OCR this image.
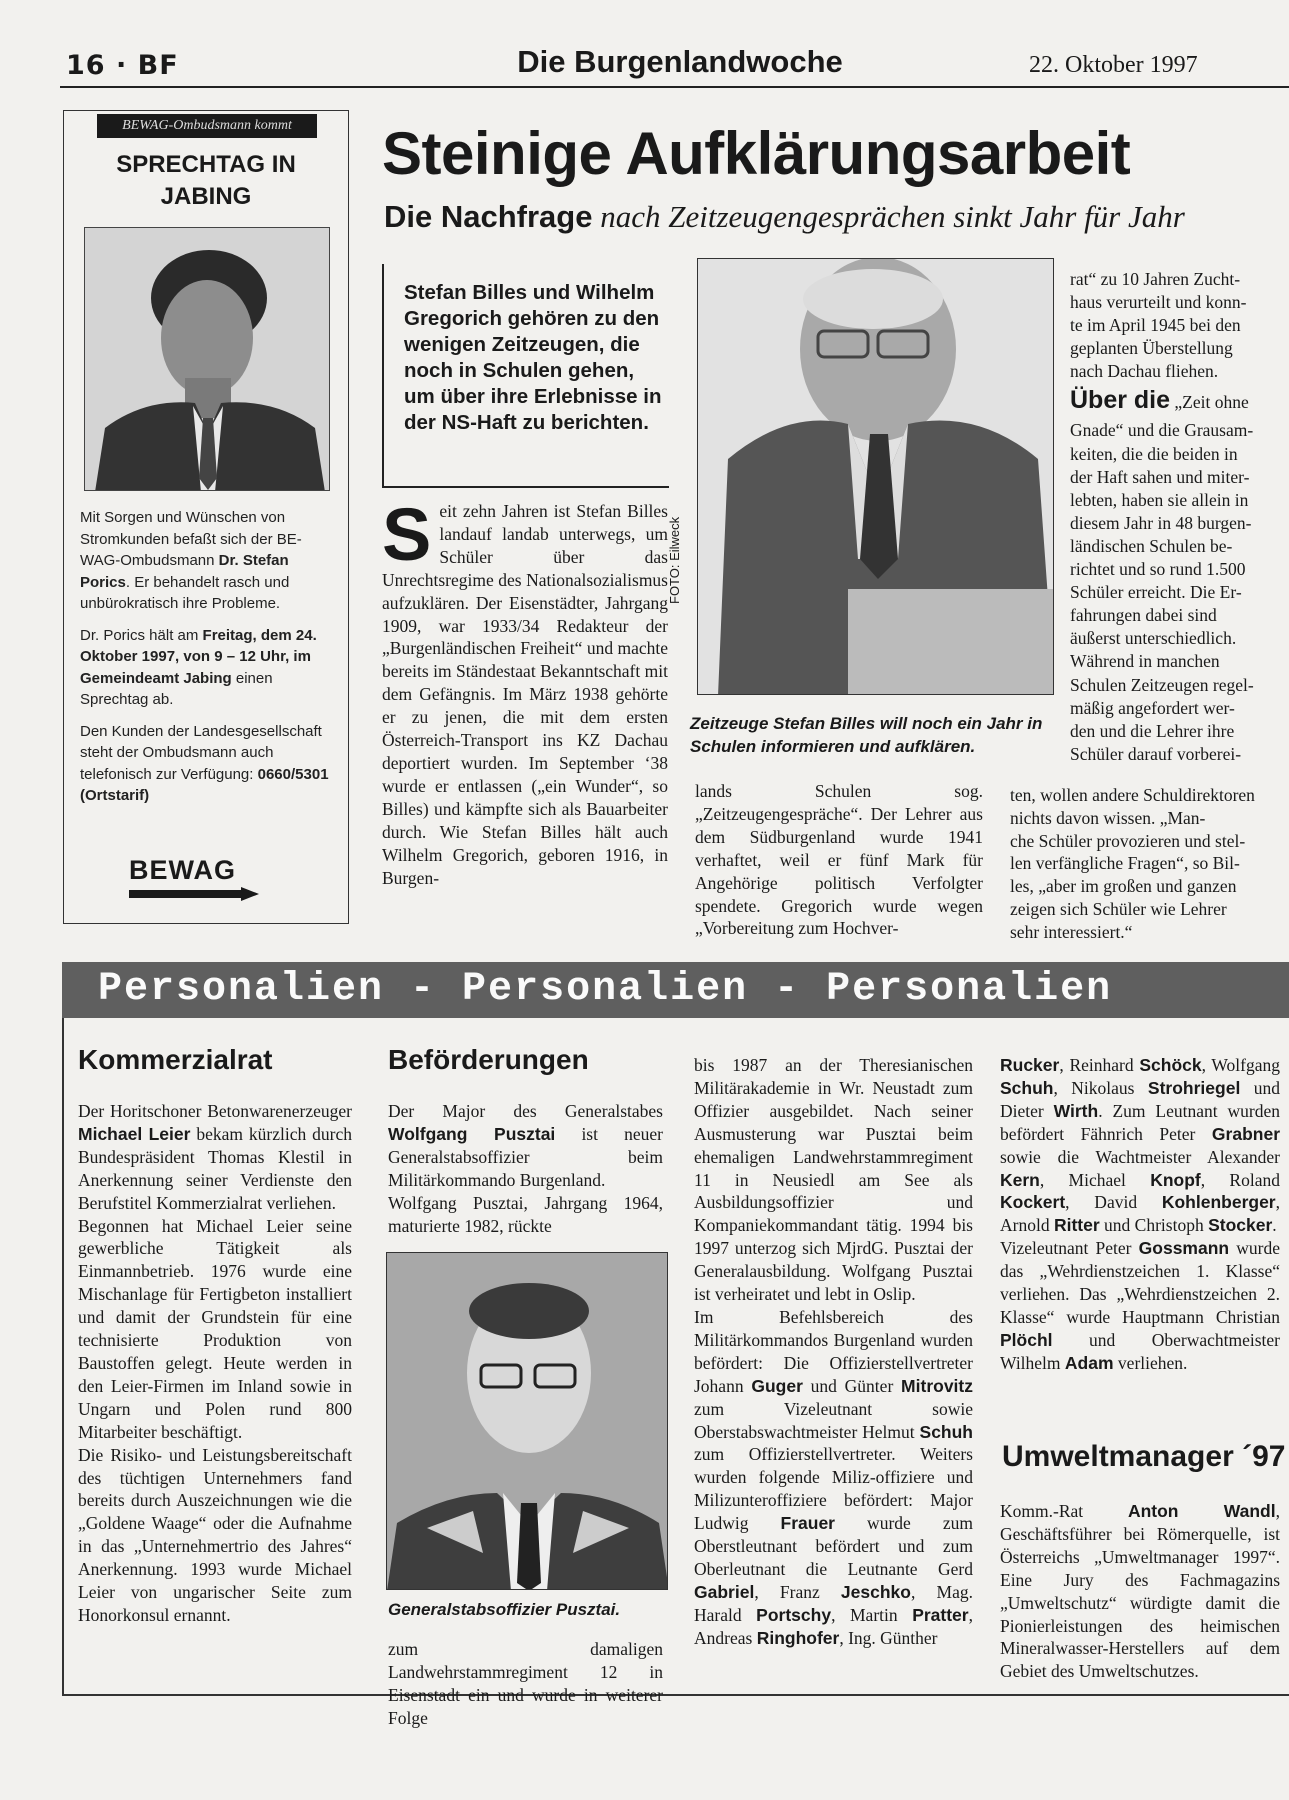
16 · BF	Die Burgenlandwoche	22. Oktober 1997
BEWAG-Ombudsmann kommt
SPRECHTAG IN JABING

Mit Sorgen und Wünschen von Stromkunden befaßt sich der BE-WAG-Ombudsmann Dr. Stefan Porics. Er behandelt rasch und unbürokratisch ihre Probleme.

Dr. Porics hält am Freitag, dem 24. Oktober 1997, von 9 – 12 Uhr, im Gemeindeamt Jabing einen Sprechtag ab.

Den Kunden der Landesgesellschaft steht der Ombudsmann auch telefonisch zur Verfügung: 0660/5301 (Ortstarif)

BEWAG
Steinige Aufklärungsarbeit
Die Nachfrage nach Zeitzeugengesprächen sinkt Jahr für Jahr
Stefan Billes und Wilhelm Gregorich gehören zu den wenigen Zeitzeugen, die noch in Schulen gehen, um über ihre Erlebnisse in der NS-Haft zu berichten.
Seit zehn Jahren ist Stefan Billes landauf landab unterwegs, um Schüler über das Unrechtsregime des Nationalsozialismus aufzuklären. Der Eisenstädter, Jahrgang 1909, war 1933/34 Redakteur der „Burgenländischen Freiheit“ und machte bereits im Ständestaat Bekanntschaft mit dem Gefängnis. Im März 1938 gehörte er zu jenen, die mit dem ersten Österreich-Transport ins KZ Dachau deportiert wurden. Im September ‘38 wurde er entlassen („ein Wunder“, so Billes) und kämpfte sich als Bauarbeiter durch. Wie Stefan Billes hält auch Wilhelm Gregorich, geboren 1916, in Burgen-
FOTO: Eilweck
Zeitzeuge Stefan Billes will noch ein Jahr in Schulen informieren und aufklären.
lands Schulen sog. „Zeitzeugengespräche“. Der Lehrer aus dem Südburgenland wurde 1941 verhaftet, weil er fünf Mark für Angehörige politisch Verfolgter spendete. Gregorich wurde wegen „Vorbereitung zum Hochver-
rat“ zu 10 Jahren Zucht-
haus verurteilt und konn-
te im April 1945 bei den
geplanten Überstellung
nach Dachau fliehen.
Über die „Zeit ohne
Gnade“ und die Grausam-
keiten, die die beiden in
der Haft sahen und miter-
lebten, haben sie allein in
diesem Jahr in 48 burgen-
ländischen Schulen be-
richtet und so rund 1.500
Schüler erreicht. Die Er-
fahrungen dabei sind
äußerst unterschiedlich.
Während in manchen
Schulen Zeitzeugen regel-
mäßig angefordert wer-
den und die Lehrer ihre
Schüler darauf vorberei-
ten, wollen andere Schuldirektoren
nichts davon wissen. „Man-
che Schüler provozieren und stel-
len verfängliche Fragen“, so Bil-
les, „aber im großen und ganzen
zeigen sich Schüler wie Lehrer
sehr interessiert.“
Personalien - Personalien - Personalien
Kommerzialrat

Der Horitschoner Betonwarenerzeuger Michael Leier bekam kürzlich durch Bundespräsident Thomas Klestil in Anerkennung seiner Verdienste den Berufstitel Kommerzialrat verliehen.

Begonnen hat Michael Leier seine gewerbliche Tätigkeit als Einmannbetrieb. 1976 wurde eine Mischanlage für Fertigbeton installiert und damit der Grundstein für eine technisierte Produktion von Baustoffen gelegt. Heute werden in den Leier-Firmen im Inland sowie in Ungarn und Polen rund 800 Mitarbeiter beschäftigt.

Die Risiko- und Leistungsbereitschaft des tüchtigen Unternehmers fand bereits durch Auszeichnungen wie die „Goldene Waage“ oder die Aufnahme in das „Unternehmertrio des Jahres“ Anerkennung. 1993 wurde Michael Leier von ungarischer Seite zum Honorkonsul ernannt.

Beförderungen

Der Major des Generalstabes Wolfgang Pusztai ist neuer Generalstabsoffizier beim Militärkommando Burgenland.

Wolfgang Pusztai, Jahrgang 1964, maturierte 1982, rückte

Generalstabsoffizier Pusztai.
zum damaligen Landwehrstammregiment 12 in Eisenstadt ein und wurde in weiterer Folge

bis 1987 an der Theresianischen Militärakademie in Wr. Neustadt zum Offizier ausgebildet. Nach seiner Ausmusterung war Pusztai beim ehemaligen Landwehrstammregiment 11 in Neusiedl am See als Ausbildungsoffizier und Kompaniekommandant tätig. 1994 bis 1997 unterzog sich MjrdG. Pusztai der Generalausbildung. Wolfgang Pusztai ist verheiratet und lebt in Oslip.

Im Befehlsbereich des Militärkommandos Burgenland wurden befördert: Die Offizierstellvertreter Johann Guger und Günter Mitrovitz zum Vizeleutnant sowie Oberstabswachtmeister Helmut Schuh zum Offizierstellvertreter. Weiters wurden folgende Miliz-offiziere und Milizunteroffiziere befördert: Major Ludwig Frauer wurde zum Oberstleutnant befördert und zum Oberleutnant die Leutnante Gerd Gabriel, Franz Jeschko, Mag. Harald Portschy, Martin Pratter, Andreas Ringhofer, Ing. Günther

Rucker, Reinhard Schöck, Wolfgang Schuh, Nikolaus Strohriegel und Dieter Wirth. Zum Leutnant wurden befördert Fähnrich Peter Grabner sowie die Wachtmeister Alexander Kern, Michael Knopf, Roland Kockert, David Kohlenberger, Arnold Ritter und Christoph Stocker.

Vizeleutnant Peter Gossmann wurde das „Wehrdienstzeichen 1. Klasse“ verliehen. Das „Wehrdienstzeichen 2. Klasse“ wurde Hauptmann Christian Plöchl und Oberwachtmeister Wilhelm Adam verliehen.

Umweltmanager ´97

Komm.-Rat Anton Wandl, Geschäftsführer bei Römerquelle, ist Österreichs „Umweltmanager 1997“. Eine Jury des Fachmagazins „Umweltschutz“ würdigte damit die Pionierleistungen des heimischen Mineralwasser-Herstellers auf dem Gebiet des Umweltschutzes.
